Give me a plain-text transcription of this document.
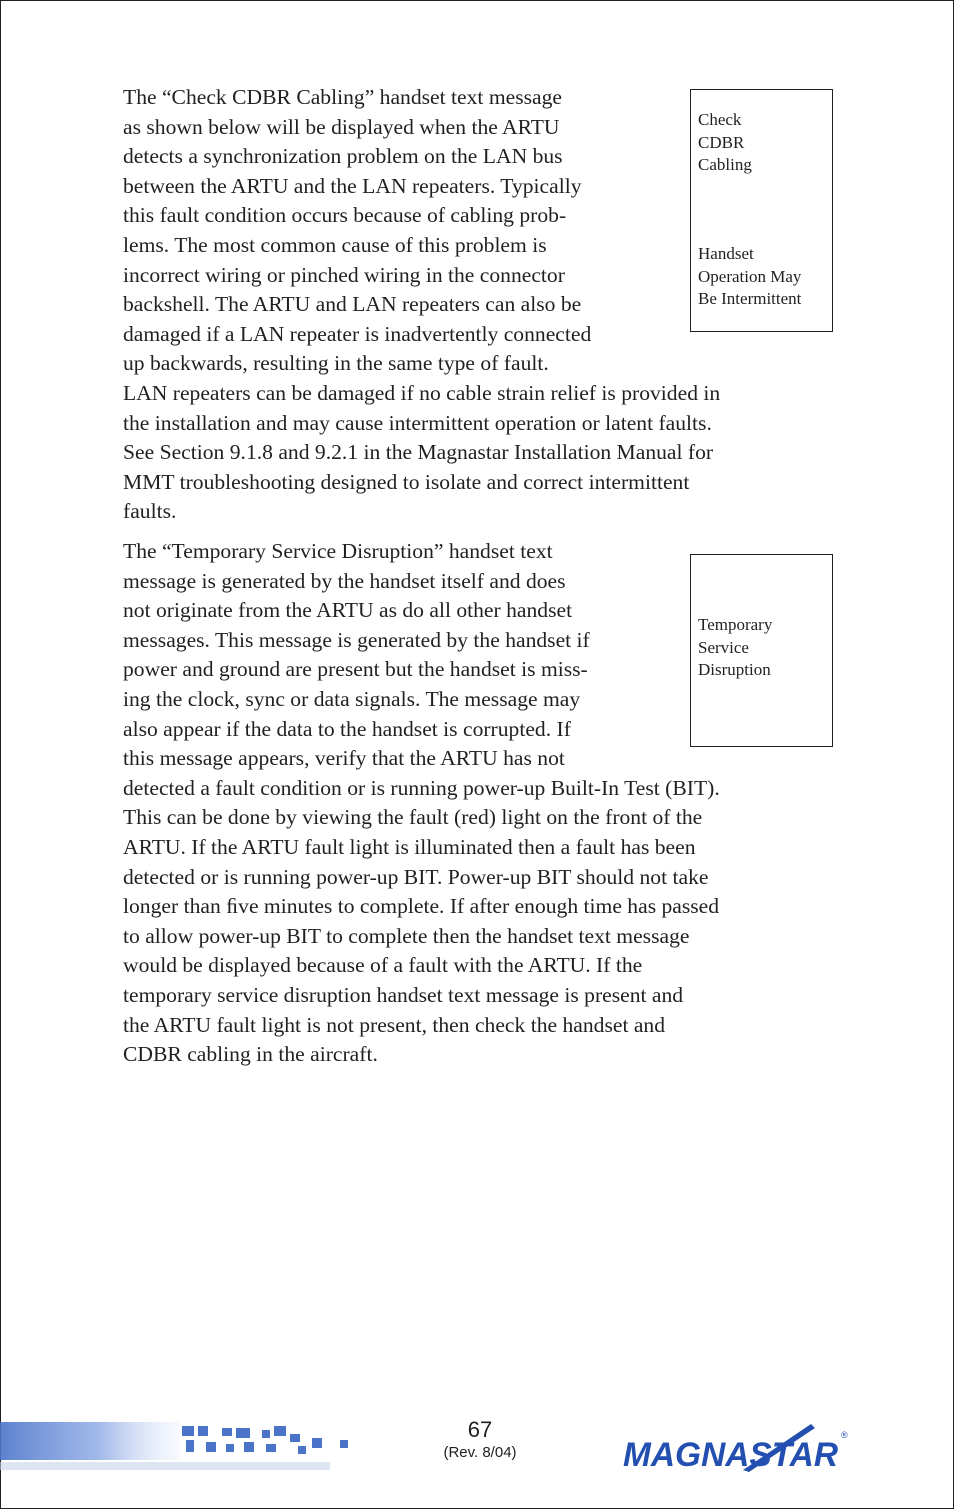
The “Check CDBR Cabling” handset text message
as shown below will be displayed when the ARTU
detects a synchronization problem on the LAN bus
between the ARTU and the LAN repeaters. Typically
this fault condition occurs because of cabling prob-
lems. The most common cause of this problem is
incorrect wiring or pinched wiring in the connector
backshell. The ARTU and LAN repeaters can also be
damaged if a LAN repeater is inadvertently connected
up backwards, resulting in the same type of fault.
LAN repeaters can be damaged if no cable strain relief is provided in
the installation and may cause intermittent operation or latent faults.
See Section 9.1.8 and 9.2.1 in the Magnastar Installation Manual for
MMT troubleshooting designed to isolate and correct intermittent
faults.
Check
CDBR
Cabling
Handset
Operation May
Be Intermittent
The “Temporary Service Disruption” handset text
message is generated by the handset itself and does
not originate from the ARTU as do all other handset
messages. This message is generated by the handset if
power and ground are present but the handset is miss-
ing the clock, sync or data signals. The message may
also appear if the data to the handset is corrupted. If
this message appears, verify that the ARTU has not
detected a fault condition or is running power-up Built-In Test (BIT).
This can be done by viewing the fault (red) light on the front of the
ARTU. If the ARTU fault light is illuminated then a fault has been
detected or is running power-up BIT. Power-up BIT should not take
longer than ﬁve minutes to complete. If after enough time has passed
to allow power-up BIT to complete then the handset text message
would be displayed because of a fault with the ARTU. If the
temporary service disruption handset text message is present and
the ARTU fault light is not present, then check the handset and
CDBR cabling in the aircraft.
Temporary
Service
Disruption
67
(Rev. 8/04)	MAGNASTAR
®
